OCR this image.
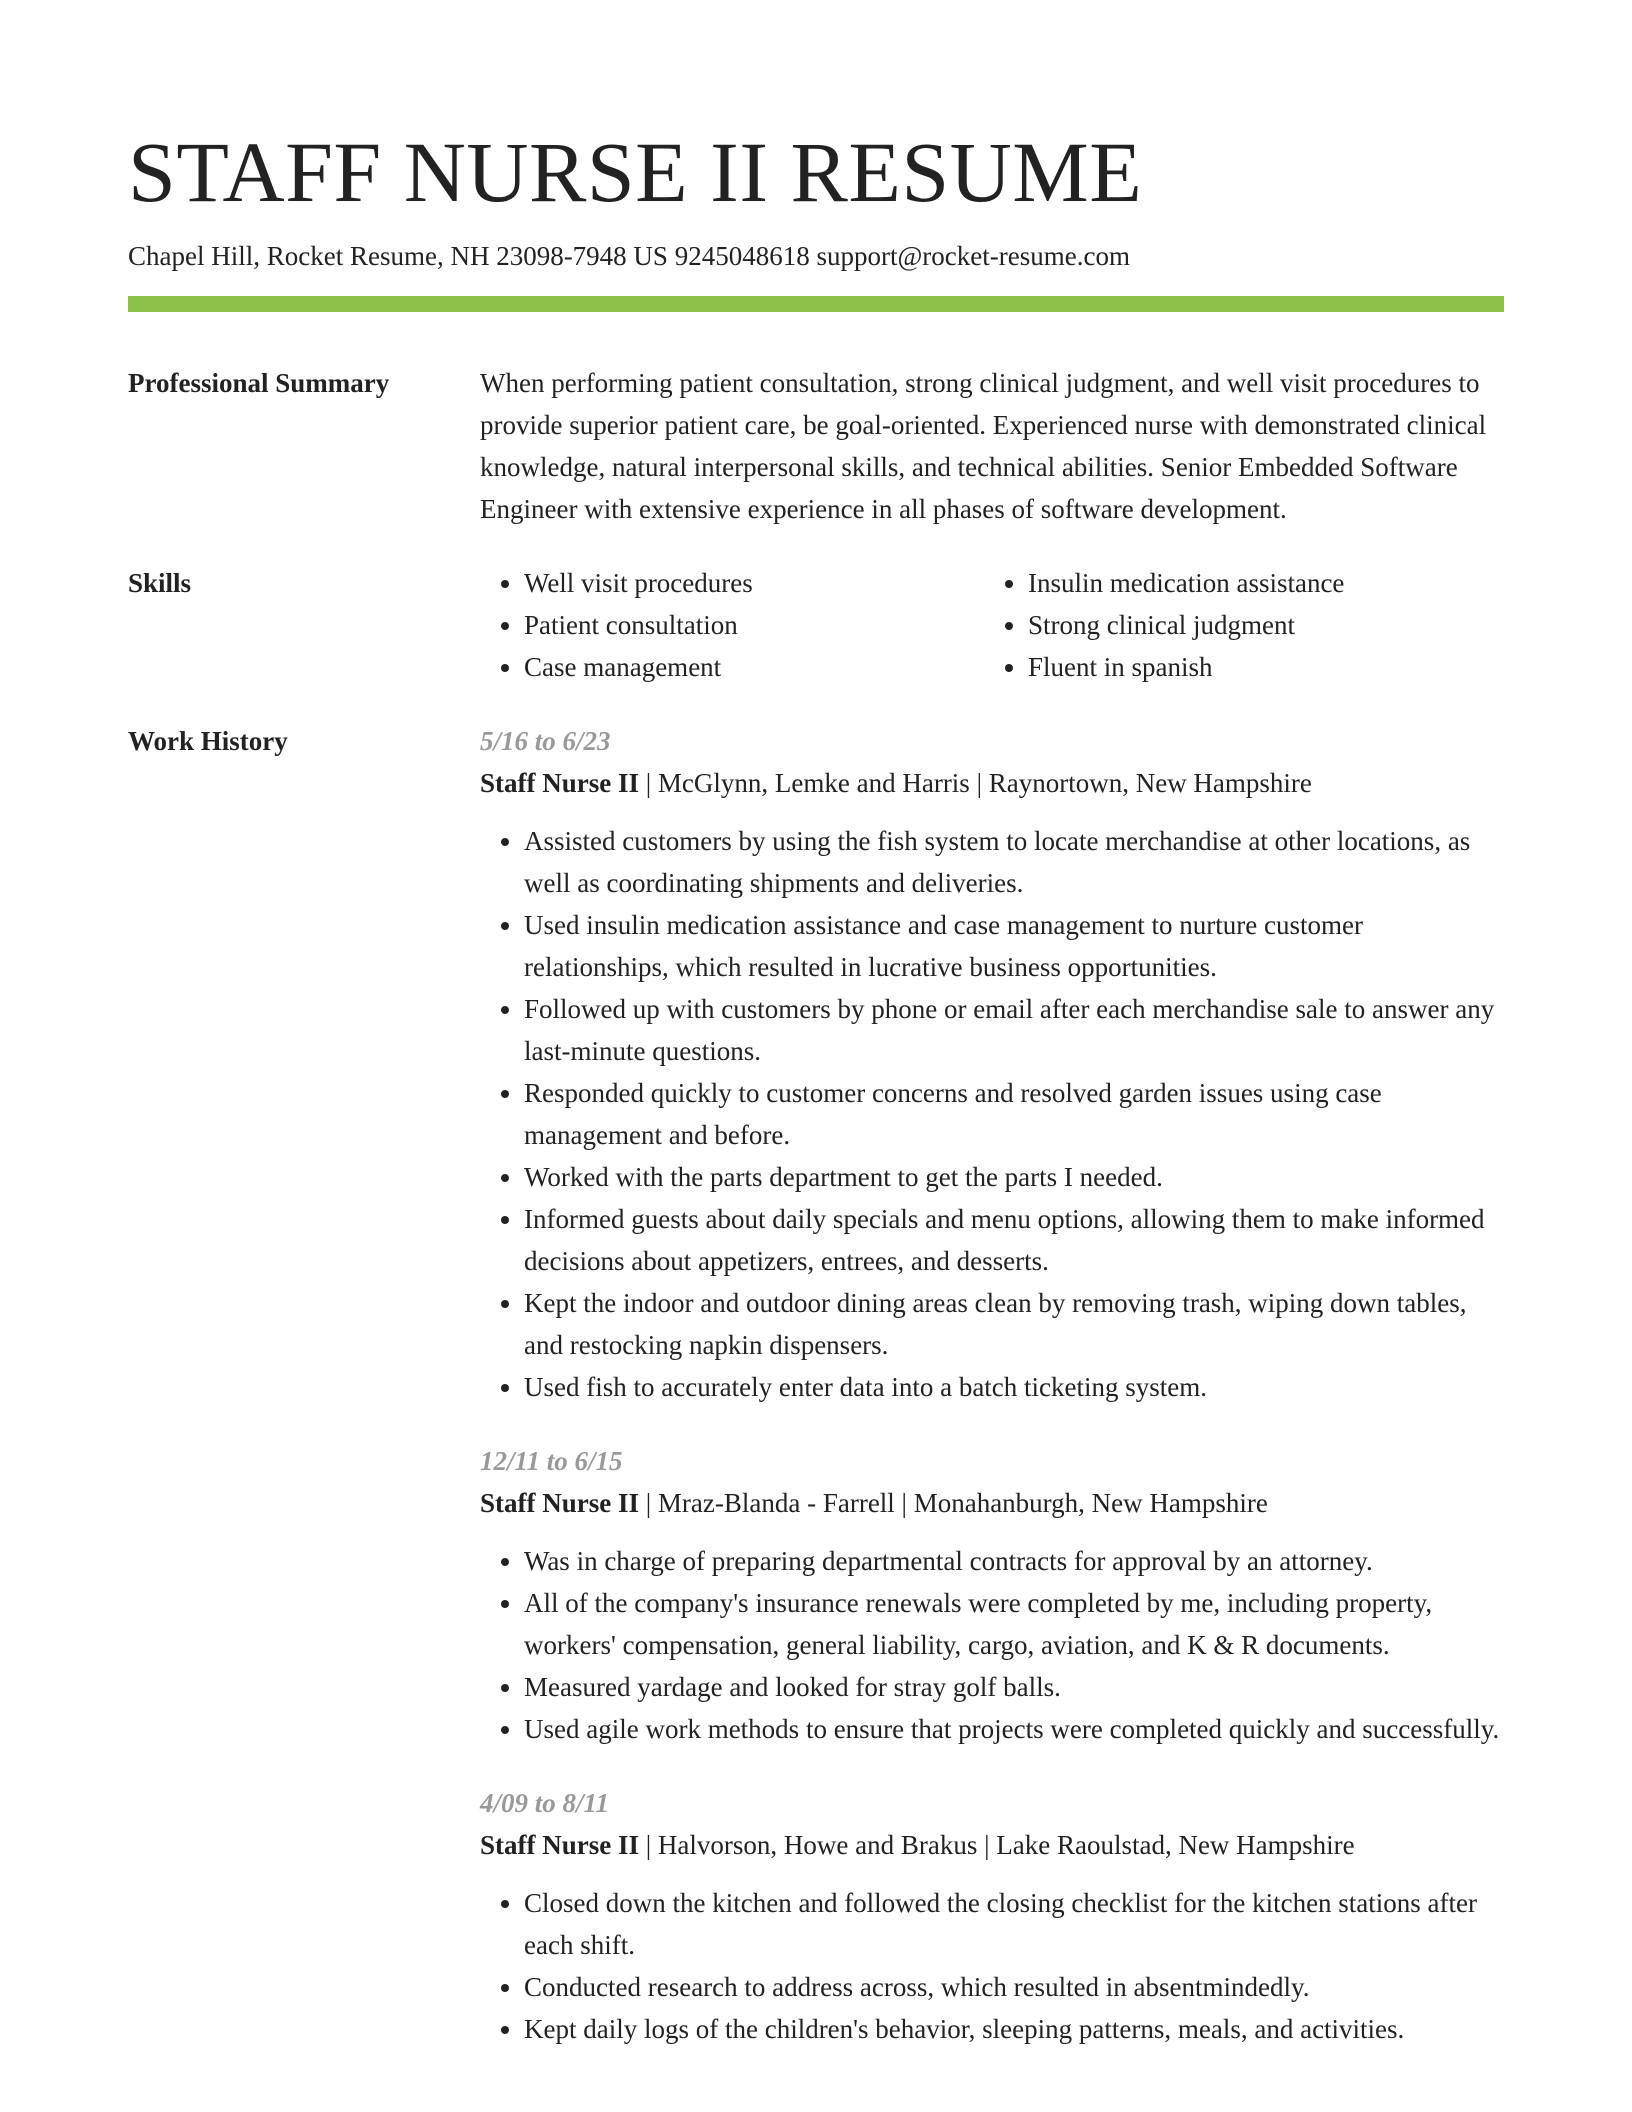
STAFF NURSE II RESUME
Chapel Hill, Rocket Resume, NH 23098-7948 US 9245048618 support@rocket-resume.com
Professional Summary	When performing patient consultation, strong clinical judgment, and well visit procedures to provide superior patient care, be goal-oriented. Experienced nurse with demonstrated clinical knowledge, natural interpersonal skills, and technical abilities. Senior Embedded Software Engineer with extensive experience in all phases of software development.

Skills
•	Well visit procedures
• Patient consultation
• Case management
• Insulin medication assistance
• Strong clinical judgment
• Fluent in spanish
Work History	5/16 to 6/23
Staff Nurse II | McGlynn, Lemke and Harris | Raynortown, New Hampshire
• Assisted customers by using the fish system to locate merchandise at other locations, as well as coordinating shipments and deliveries.
• Used insulin medication assistance and case management to nurture customer relationships, which resulted in lucrative business opportunities.
• Followed up with customers by phone or email after each merchandise sale to answer any last-minute questions.
• Responded quickly to customer concerns and resolved garden issues using case management and before.
• Worked with the parts department to get the parts I needed.
• Informed guests about daily specials and menu options, allowing them to make informed decisions about appetizers, entrees, and desserts.
• Kept the indoor and outdoor dining areas clean by removing trash, wiping down tables, and restocking napkin dispensers.
• Used fish to accurately enter data into a batch ticketing system.
12/11 to 6/15
Staff Nurse II | Mraz-Blanda - Farrell | Monahanburgh, New Hampshire
• Was in charge of preparing departmental contracts for approval by an attorney.
• All of the company's insurance renewals were completed by me, including property, workers' compensation, general liability, cargo, aviation, and K & R documents.
• Measured yardage and looked for stray golf balls.
• Used agile work methods to ensure that projects were completed quickly and successfully.
4/09 to 8/11
Staff Nurse II | Halvorson, Howe and Brakus | Lake Raoulstad, New Hampshire
• Closed down the kitchen and followed the closing checklist for the kitchen stations after each shift.
• Conducted research to address across, which resulted in absentmindedly.
• Kept daily logs of the children's behavior, sleeping patterns, meals, and activities.
